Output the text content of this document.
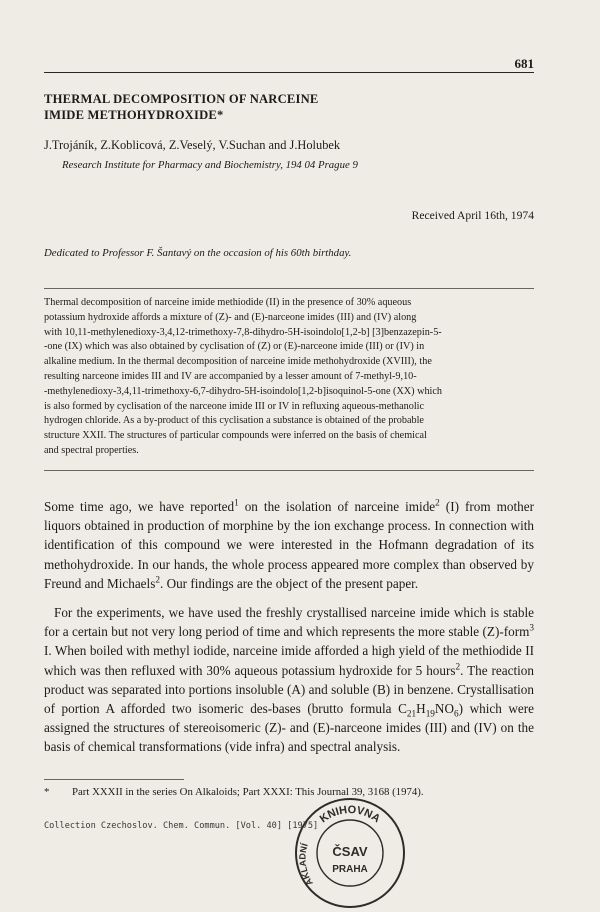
681
THERMAL DECOMPOSITION OF NARCEINE
IMIDE METHOHYDROXIDE*
J.Trojáník, Z.Koblicová, Z.Veselý, V.Suchan and J.Holubek
Research Institute for Pharmacy and Biochemistry, 194 04 Prague 9
Received April 16th, 1974
Dedicated to Professor F. Šantavý on the occasion of his 60th birthday.
Thermal decomposition of narceine imide methiodide (II) in the presence of 30% aqueous
potassium hydroxide affords a mixture of (Z)- and (E)-narceone imides (III) and (IV) along
with 10,11-methylenedioxy-3,4,12-trimethoxy-7,8-dihydro-5H-isoindolo[1,2-b] [3]benzazepin-5-
-one (IX) which was also obtained by cyclisation of (Z) or (E)-narceone imide (III) or (IV) in
alkaline medium. In the thermal decomposition of narceine imide methohydroxide (XVIII), the
resulting narceone imides III and IV are accompanied by a lesser amount of 7-methyl-9,10-
-methylenedioxy-3,4,11-trimethoxy-6,7-dihydro-5H-isoindolo[1,2-b]isoquinol-5-one (XX) which
is also formed by cyclisation of the narceone imide III or IV in refluxing aqueous-methanolic
hydrogen chloride. As a by-product of this cyclisation a substance is obtained of the probable
structure XXII. The structures of particular compounds were inferred on the basis of chemical
and spectral properties.
Some time ago, we have reported$^1$ on the isolation of narceine imide$^2$ (I) from mother liquors obtained in production of morphine by the ion exchange process. In connection with identification of this compound we were interested in the Hofmann degradation of its methohydroxide. In our hands, the whole process appeared more complex than observed by Freund and Michaels$^2$. Our findings are the object of the present paper.
For the experiments, we have used the freshly crystallised narceine imide which is stable for a certain but not very long period of time and which represents the more stable (Z)-form$^3$ I. When boiled with methyl iodide, narceine imide afforded a high yield of the methiodide II which was then refluxed with 30% aqueous potassium hydroxide for 5 hours$^2$. The reaction product was separated into portions insoluble (A) and soluble (B) in benzene. Crystallisation of portion A afforded two isomeric des-bases (brutto formula $C_{21}H_{19}NO_6$) which were assigned the structures of stereoisomeric (Z)- and (E)-narceone imides (III) and (IV) on the basis of chemical transformations (vide infra) and spectral analysis.
* Part XXXII in the series On Alkaloids; Part XXXI: This Journal 39, 3168 (1974).
Collection Czechoslov. Chem. Commun. [Vol. 40] [1975]
KNIHOVNA
AKLADNÍ	ČSAV
PRAHA
